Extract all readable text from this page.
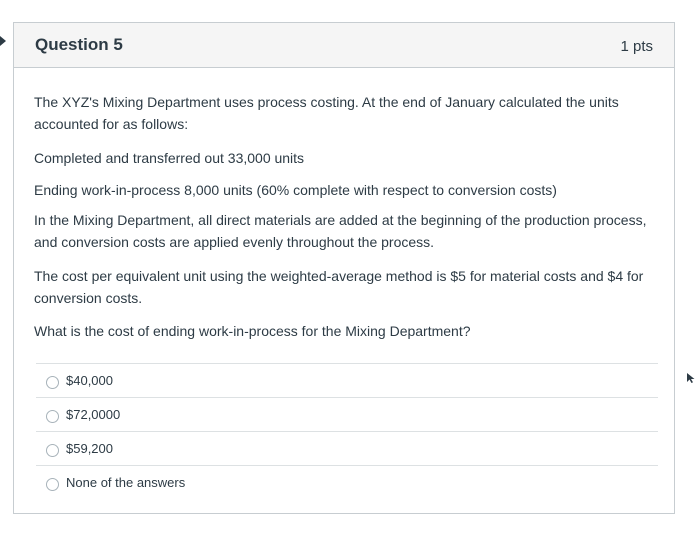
Question 5	1 pts
The XYZ's Mixing Department uses process costing. At the end of January calculated the units accounted for as follows:
Completed and transferred out 33,000 units
Ending work-in-process 8,000 units (60% complete with respect to conversion costs)
In the Mixing Department, all direct materials are added at the beginning of the production process, and conversion costs are applied evenly throughout the process.
The cost per equivalent unit using the weighted-average method is $5 for material costs and $4 for conversion costs.
What is the cost of ending work-in-process for the Mixing Department?
$40,000
$72,0000
$59,200
None of the answers
